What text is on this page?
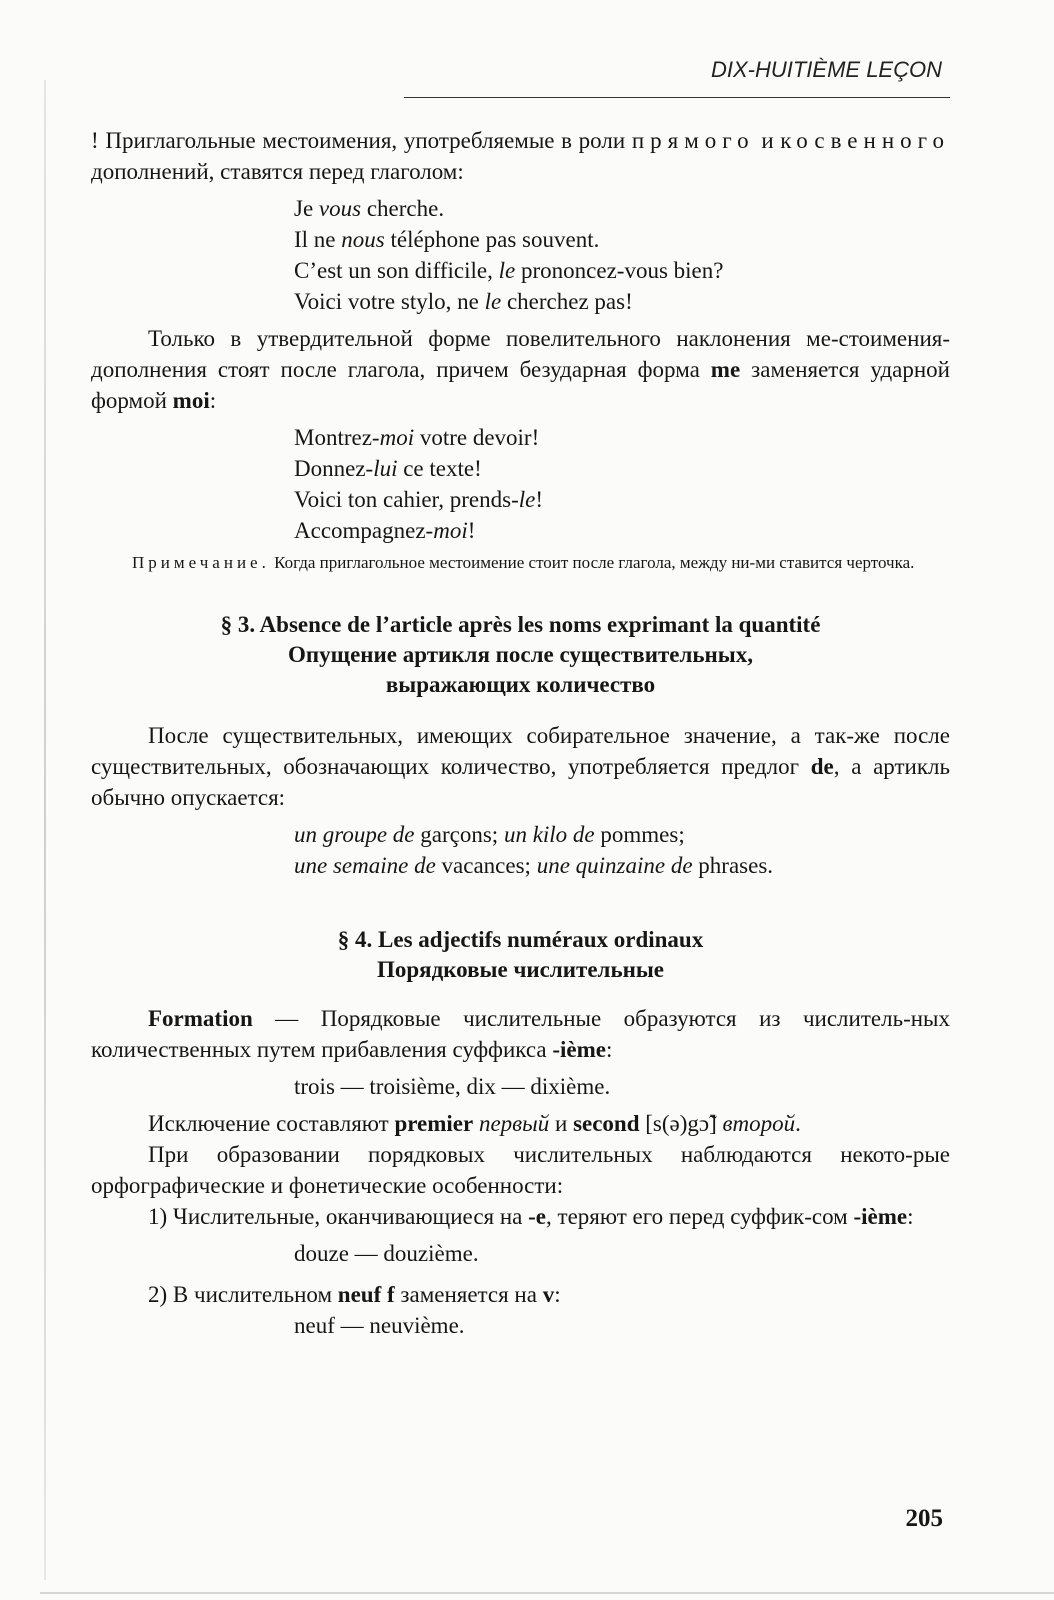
DIX-HUITIÈME LEÇON

! Приглагольные местоимения, употребляемые в роли прямого и косвенного дополнений, ставятся перед глаголом:

Je vous cherche.

Il ne nous téléphone pas souvent.

C’est un son difficile, le prononcez-vous bien?

Voici votre stylo, ne le cherchez pas!

Только в утвердительной форме повелительного наклонения ме-стоимения-дополнения стоят после глагола, причем безударная форма me заменяется ударной формой moi:

Montrez-moi votre devoir!

Donnez-lui ce texte!

Voici ton cahier, prends-le!

Accompagnez-moi!

Примечание. Когда приглагольное местоимение стоит после глагола, между ни-ми ставится черточка.

§ 3. Absence de l’article après les noms exprimant la quantité

Опущение артикля после существительных,

выражающих количество

После существительных, имеющих собирательное значение, а так-же после существительных, обозначающих количество, употребляется предлог de, а артикль обычно опускается:

un groupe de garçons; un kilo de pommes;

une semaine de vacances; une quinzaine de phrases.

§ 4. Les adjectifs numéraux ordinaux

Порядковые числительные

Formation — Порядковые числительные образуются из числитель-ных количественных путем прибавления суффикса -ième:

trois — troisième, dix — dixième.

Исключение составляют premier первый и second [s(ə)gɔ̃] второй.

При образовании порядковых числительных наблюдаются некото-рые орфографические и фонетические особенности:

1) Числительные, оканчивающиеся на -e, теряют его перед суффик-сом -ième:

douze — douzième.

2) В числительном neuf f заменяется на v:

neuf — neuvième.

205
